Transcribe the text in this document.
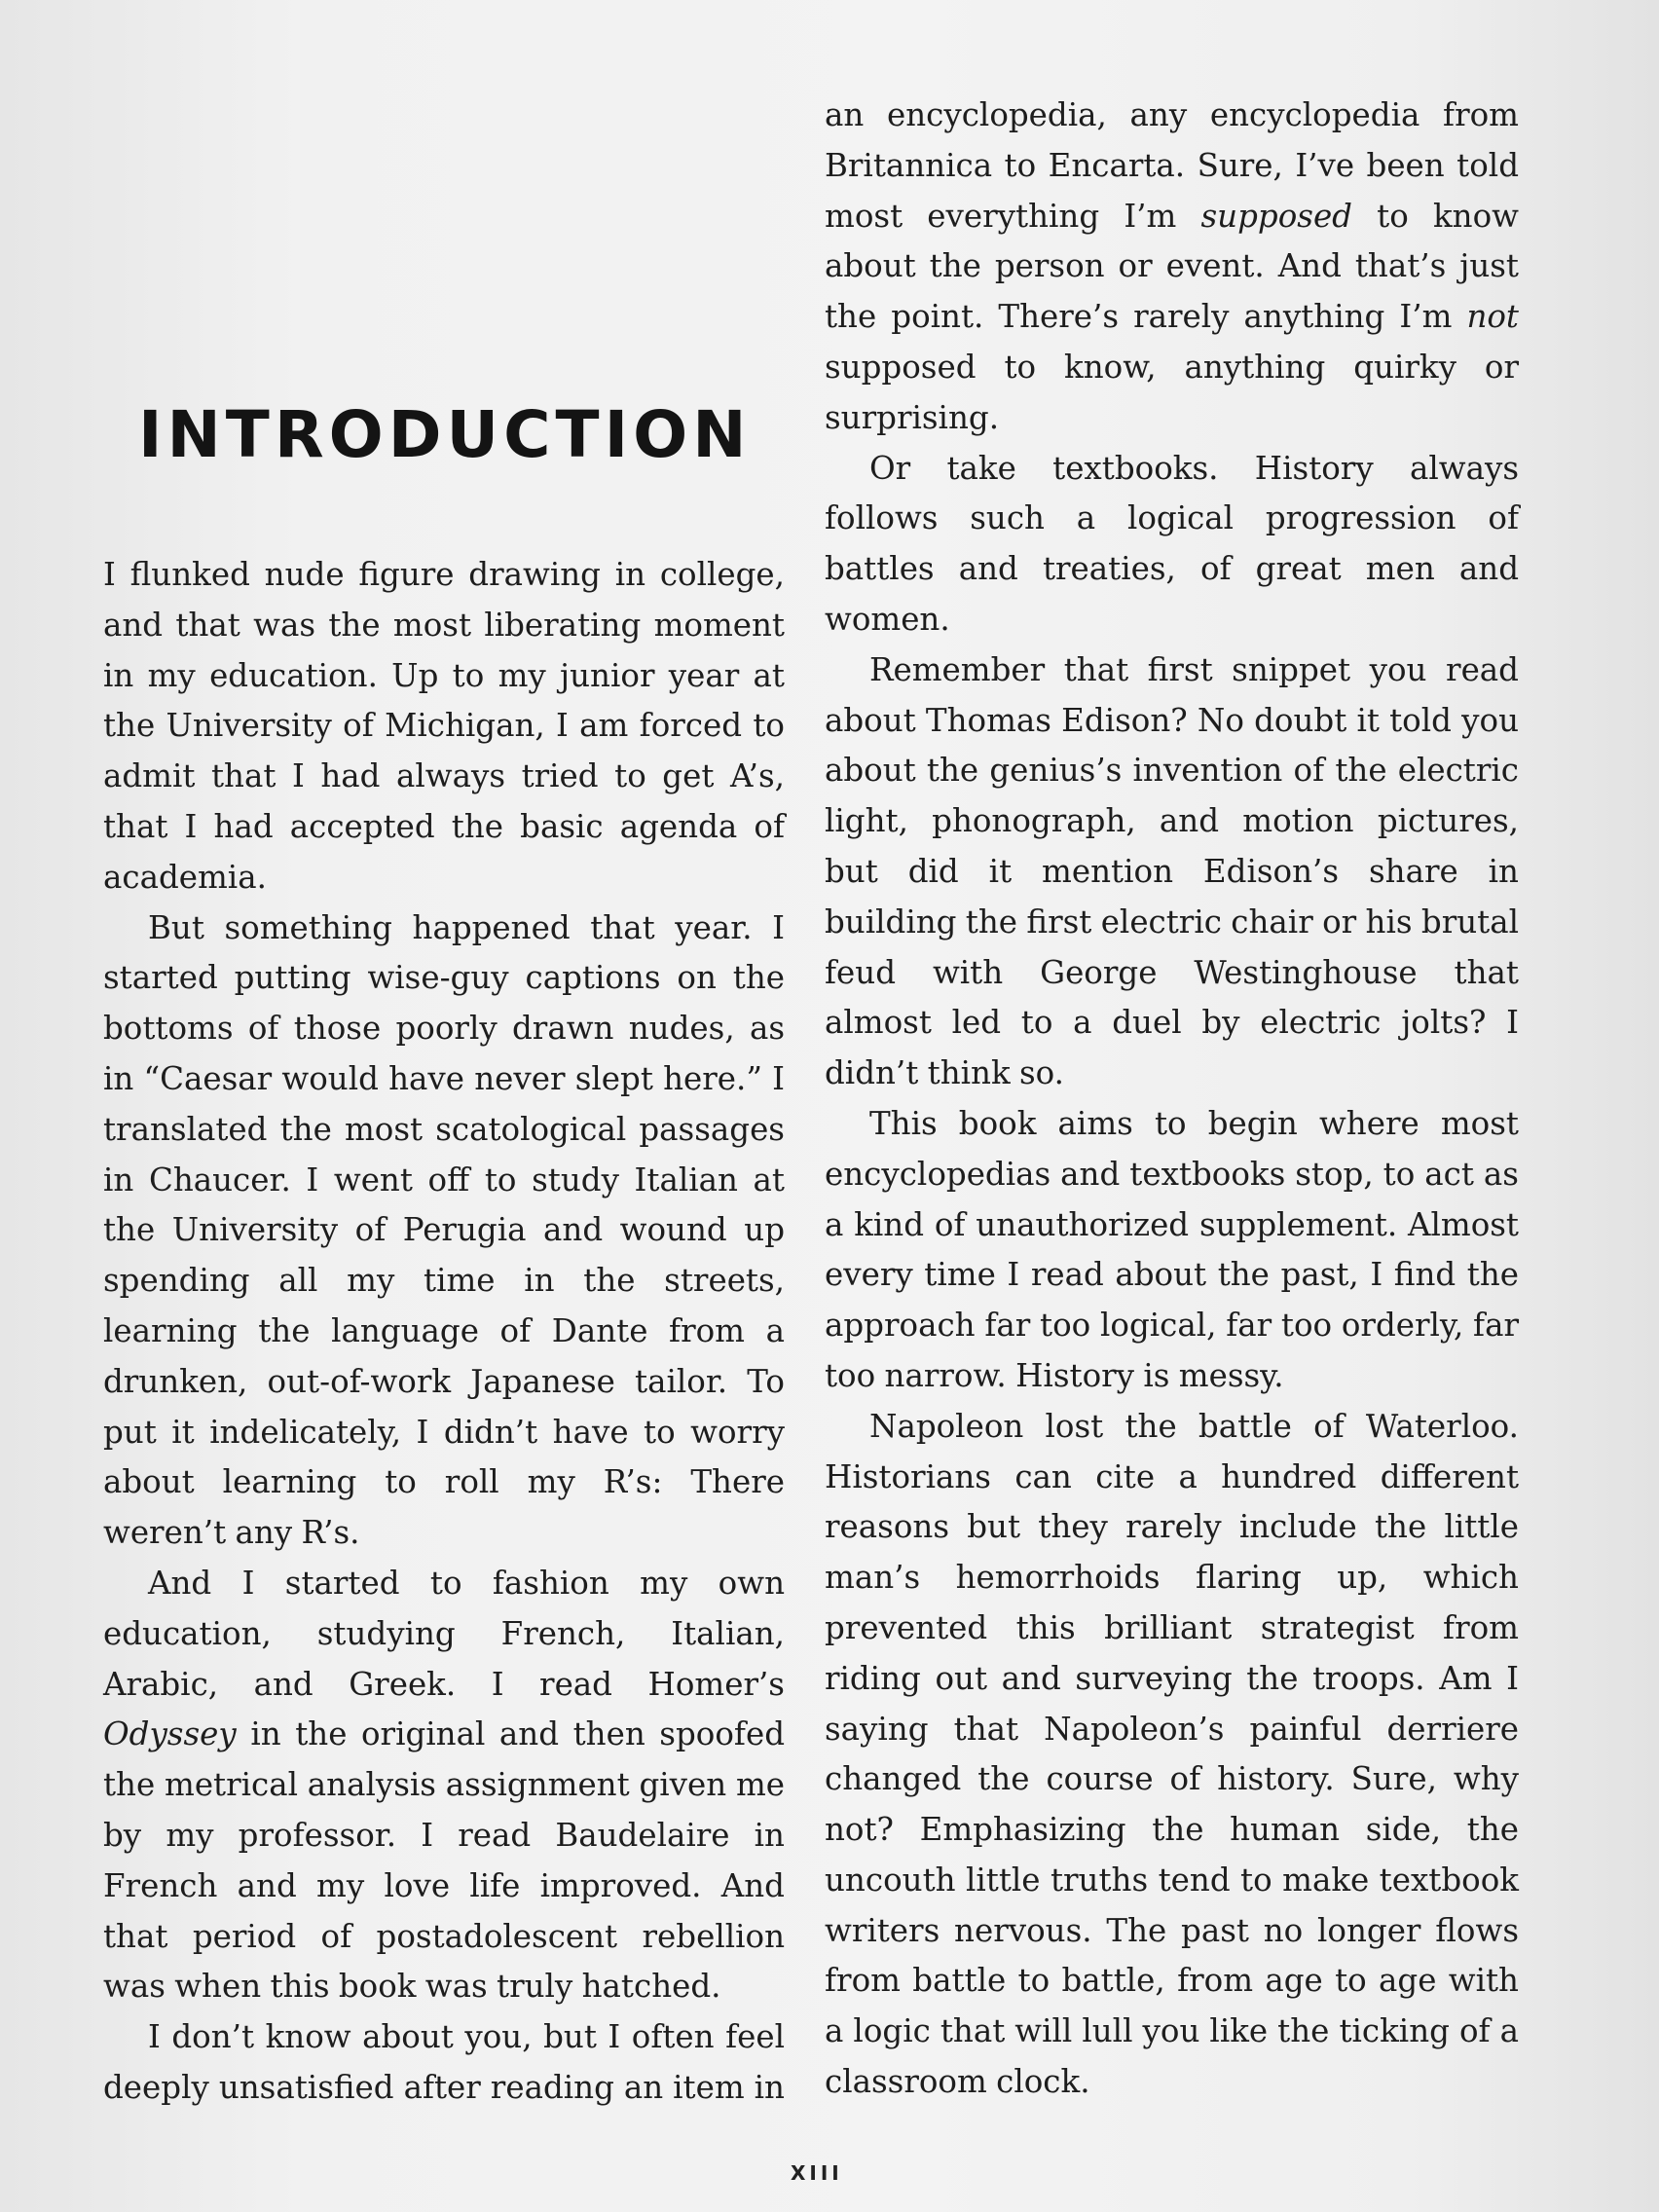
INTRODUCTION

I flunked nude figure drawing in college, and that was the most liberating moment in my education. Up to my junior year at the University of Michigan, I am forced to admit that I had always tried to get A’s, that I had accepted the basic agenda of academia.

But something happened that year. I started putting wise-guy captions on the bottoms of those poorly drawn nudes, as in “Caesar would have never slept here.” I translated the most scatological passages in Chaucer. I went off to study Italian at the University of Perugia and wound up spending all my time in the streets, learning the language of Dante from a drunken, out-of-work Japanese tailor. To put it indelicately, I didn’t have to worry about learning to roll my R’s: There weren’t any R’s.

And I started to fashion my own education, studying French, Italian, Arabic, and Greek. I read Homer’s Odyssey in the original and then spoofed the metrical analysis assignment given me by my professor. I read Baudelaire in French and my love life improved. And that period of postadolescent rebellion was when this book was truly hatched.

I don’t know about you, but I often feel deeply unsatisfied after reading an item in

an encyclopedia, any encyclopedia from Britannica to Encarta. Sure, I’ve been told most everything I’m supposed to know about the person or event. And that’s just the point. There’s rarely anything I’m not supposed to know, anything quirky or surprising.

Or take textbooks. History always follows such a logical progression of battles and treaties, of great men and women.

Remember that first snippet you read about Thomas Edison? No doubt it told you about the genius’s invention of the electric light, phonograph, and motion pictures, but did it mention Edison’s share in building the first electric chair or his brutal feud with George Westinghouse that almost led to a duel by electric jolts? I didn’t think so.

This book aims to begin where most encyclopedias and textbooks stop, to act as a kind of unauthorized supplement. Almost every time I read about the past, I find the approach far too logical, far too orderly, far too narrow. History is messy.

Napoleon lost the battle of Waterloo. Historians can cite a hundred different reasons but they rarely include the little man’s hemorrhoids flaring up, which prevented this brilliant strategist from riding out and surveying the troops. Am I saying that Napoleon’s painful derriere changed the course of history. Sure, why not? Emphasizing the human side, the uncouth little truths tend to make textbook writers nervous. The past no longer flows from battle to battle, from age to age with a logic that will lull you like the ticking of a classroom clock.

XIII
